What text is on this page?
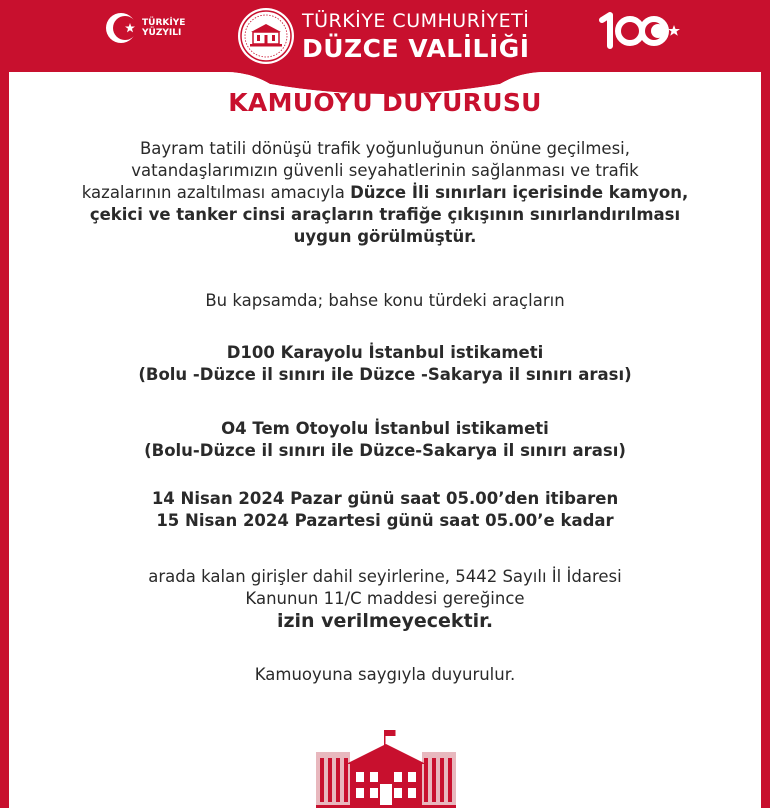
TÜRKİYE
YÜZYILI
TÜRKİYE CUMHURİYETİ
DÜZCE VALİLİĞİ
KAMUOYU DUYURUSU
Bayram tatili dönüşü trafik yoğunluğunun önüne geçilmesi,
vatandaşlarımızın güvenli seyahatlerinin sağlanması ve trafik
kazalarının azaltılması amacıyla Düzce İli sınırları içerisinde kamyon,
çekici ve tanker cinsi araçların trafiğe çıkışının sınırlandırılması
uygun görülmüştür.
Bu kapsamda; bahse konu türdeki araçların
D100 Karayolu İstanbul istikameti
(Bolu -Düzce il sınırı ile Düzce -Sakarya il sınırı arası)
O4 Tem Otoyolu İstanbul istikameti
(Bolu-Düzce il sınırı ile Düzce-Sakarya il sınırı arası)
14 Nisan 2024 Pazar günü saat 05.00’den itibaren
15 Nisan 2024 Pazartesi günü saat 05.00’e kadar
arada kalan girişler dahil seyirlerine, 5442 Sayılı İl İdaresi
Kanunun 11/C maddesi gereğince
izin verilmeyecektir.
Kamuoyuna saygıyla duyurulur.
